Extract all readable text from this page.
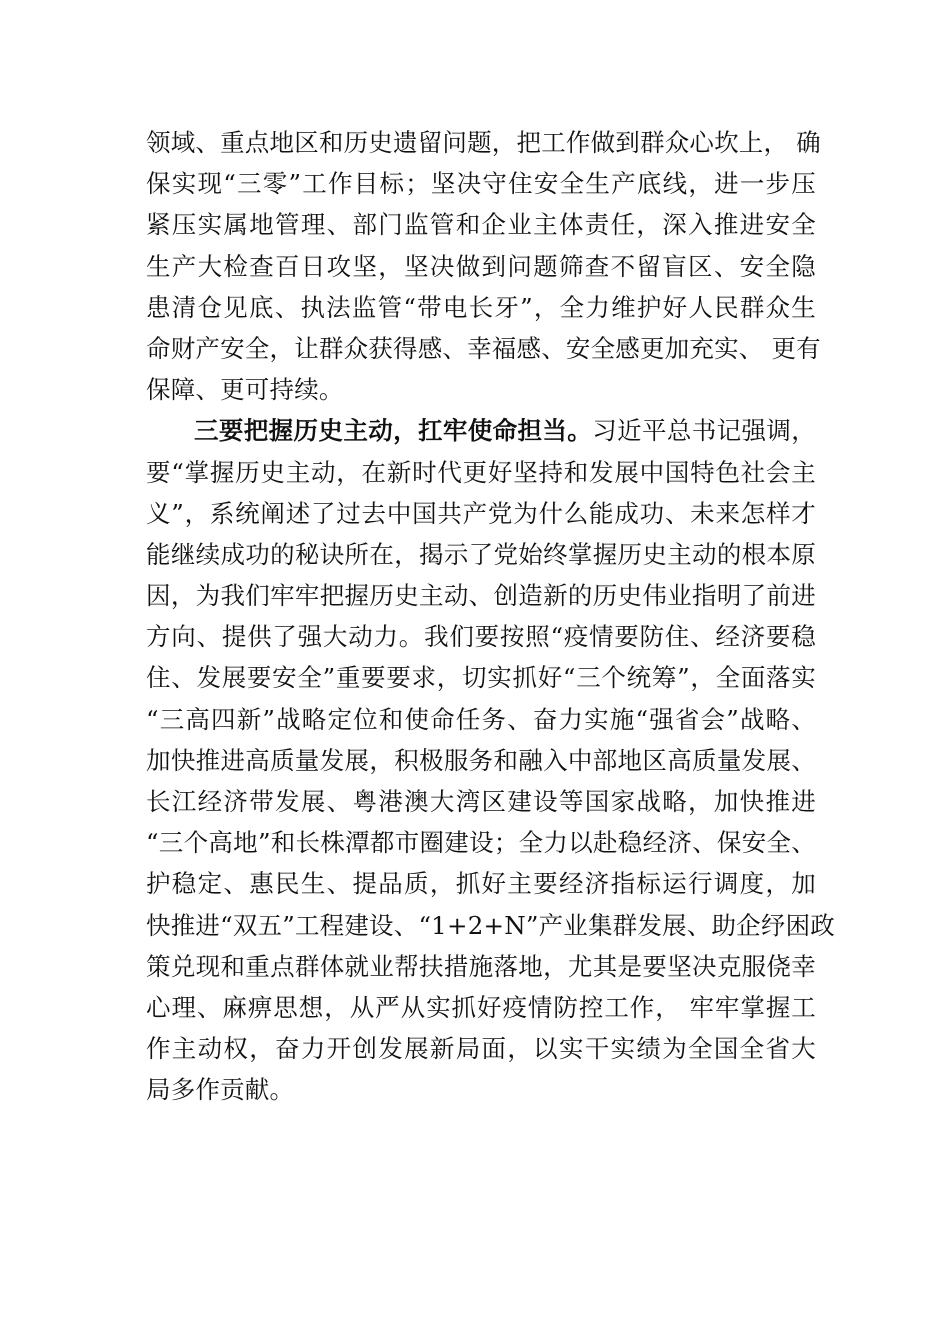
领域、重点地区和历史遗留问题，把工作做到群众心坎上， 确
保实现“三零”工作目标；坚决守住安全生产底线，进一步压
紧压实属地管理、部门监管和企业主体责任，深入推进安全
生产大检查百日攻坚，坚决做到问题筛查不留盲区、安全隐
患清仓见底、执法监管“带电长牙”，全力维护好人民群众生
命财产安全，让群众获得感、幸福感、安全感更加充实、 更有
保障、更可持续。
三要把握历史主动，扛牢使命担当。习近平总书记强调，
要“掌握历史主动，在新时代更好坚持和发展中国特色社会主
义”，系统阐述了过去中国共产党为什么能成功、未来怎样才
能继续成功的秘诀所在，揭示了党始终掌握历史主动的根本原
因，为我们牢牢把握历史主动、创造新的历史伟业指明了前进
方向、提供了强大动力。我们要按照“疫情要防住、经济要稳
住、发展要安全”重要要求，切实抓好“三个统筹”，全面落实
“三高四新”战略定位和使命任务、奋力实施“强省会”战略、
加快推进高质量发展，积极服务和融入中部地区高质量发展、
长江经济带发展、粤港澳大湾区建设等国家战略，加快推进
“三个高地”和长株潭都市圈建设；全力以赴稳经济、保安全、
护稳定、惠民生、提品质，抓好主要经济指标运行调度，加
快推进“双五”工程建设、“1+2+N”产业集群发展、助企纾困政
策兑现和重点群体就业帮扶措施落地，尤其是要坚决克服侥幸
心理、麻痹思想，从严从实抓好疫情防控工作， 牢牢掌握工
作主动权，奋力开创发展新局面，以实干实绩为全国全省大
局多作贡献。
